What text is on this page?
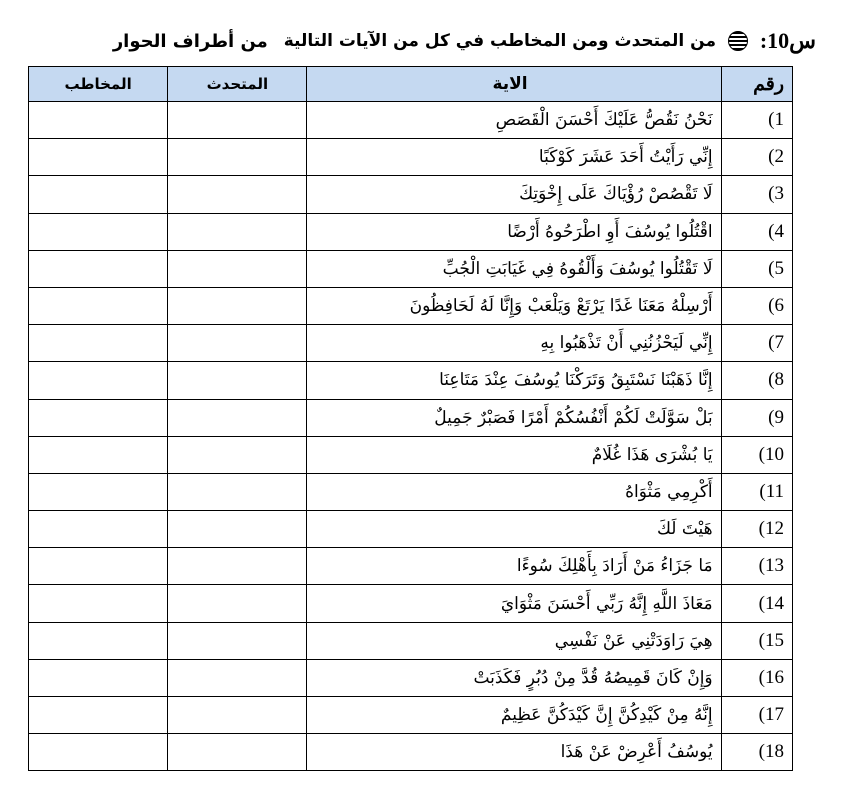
س10:  من المتحدث ومن المخاطب في كل من الآيات التالية من أطراف الحوار
رقم	الاية	المتحدث	المخاطب
1)	نَحْنُ نَقُصُّ عَلَيْكَ أَحْسَنَ الْقَصَصِ		
2)	إِنِّي رَأَيْتُ أَحَدَ عَشَرَ كَوْكَبًا		
3)	لَا تَقْصُصْ رُؤْيَاكَ عَلَى إِخْوَتِكَ		
4)	اقْتُلُوا يُوسُفَ أَوِ اطْرَحُوهُ أَرْضًا		
5)	لَا تَقْتُلُوا يُوسُفَ وَأَلْقُوهُ فِي غَيَابَتِ الْجُبِّ		
6)	أَرْسِلْهُ مَعَنَا غَدًا يَرْتَعْ وَيَلْعَبْ وَإِنَّا لَهُ لَحَافِظُونَ		
7)	إِنِّي لَيَحْزُنُنِي أَنْ تَذْهَبُوا بِهِ		
8)	إِنَّا ذَهَبْنَا نَسْتَبِقُ وَتَرَكْنَا يُوسُفَ عِنْدَ مَتَاعِنَا		
9)	بَلْ سَوَّلَتْ لَكُمْ أَنْفُسُكُمْ أَمْرًا فَصَبْرٌ جَمِيلٌ		
10)	يَا بُشْرَى هَذَا غُلَامٌ		
11)	أَكْرِمِي مَثْوَاهُ		
12)	هَيْتَ لَكَ		
13)	مَا جَزَاءُ مَنْ أَرَادَ بِأَهْلِكَ سُوءًا		
14)	مَعَاذَ اللَّهِ إِنَّهُ رَبِّي أَحْسَنَ مَثْوَايَ		
15)	هِيَ رَاوَدَتْنِي عَنْ نَفْسِي		
16)	وَإِنْ كَانَ قَمِيصُهُ قُدَّ مِنْ دُبُرٍ فَكَذَبَتْ		
17)	إِنَّهُ مِنْ كَيْدِكُنَّ إِنَّ كَيْدَكُنَّ عَظِيمٌ		
18)	يُوسُفُ أَعْرِضْ عَنْ هَذَا		
